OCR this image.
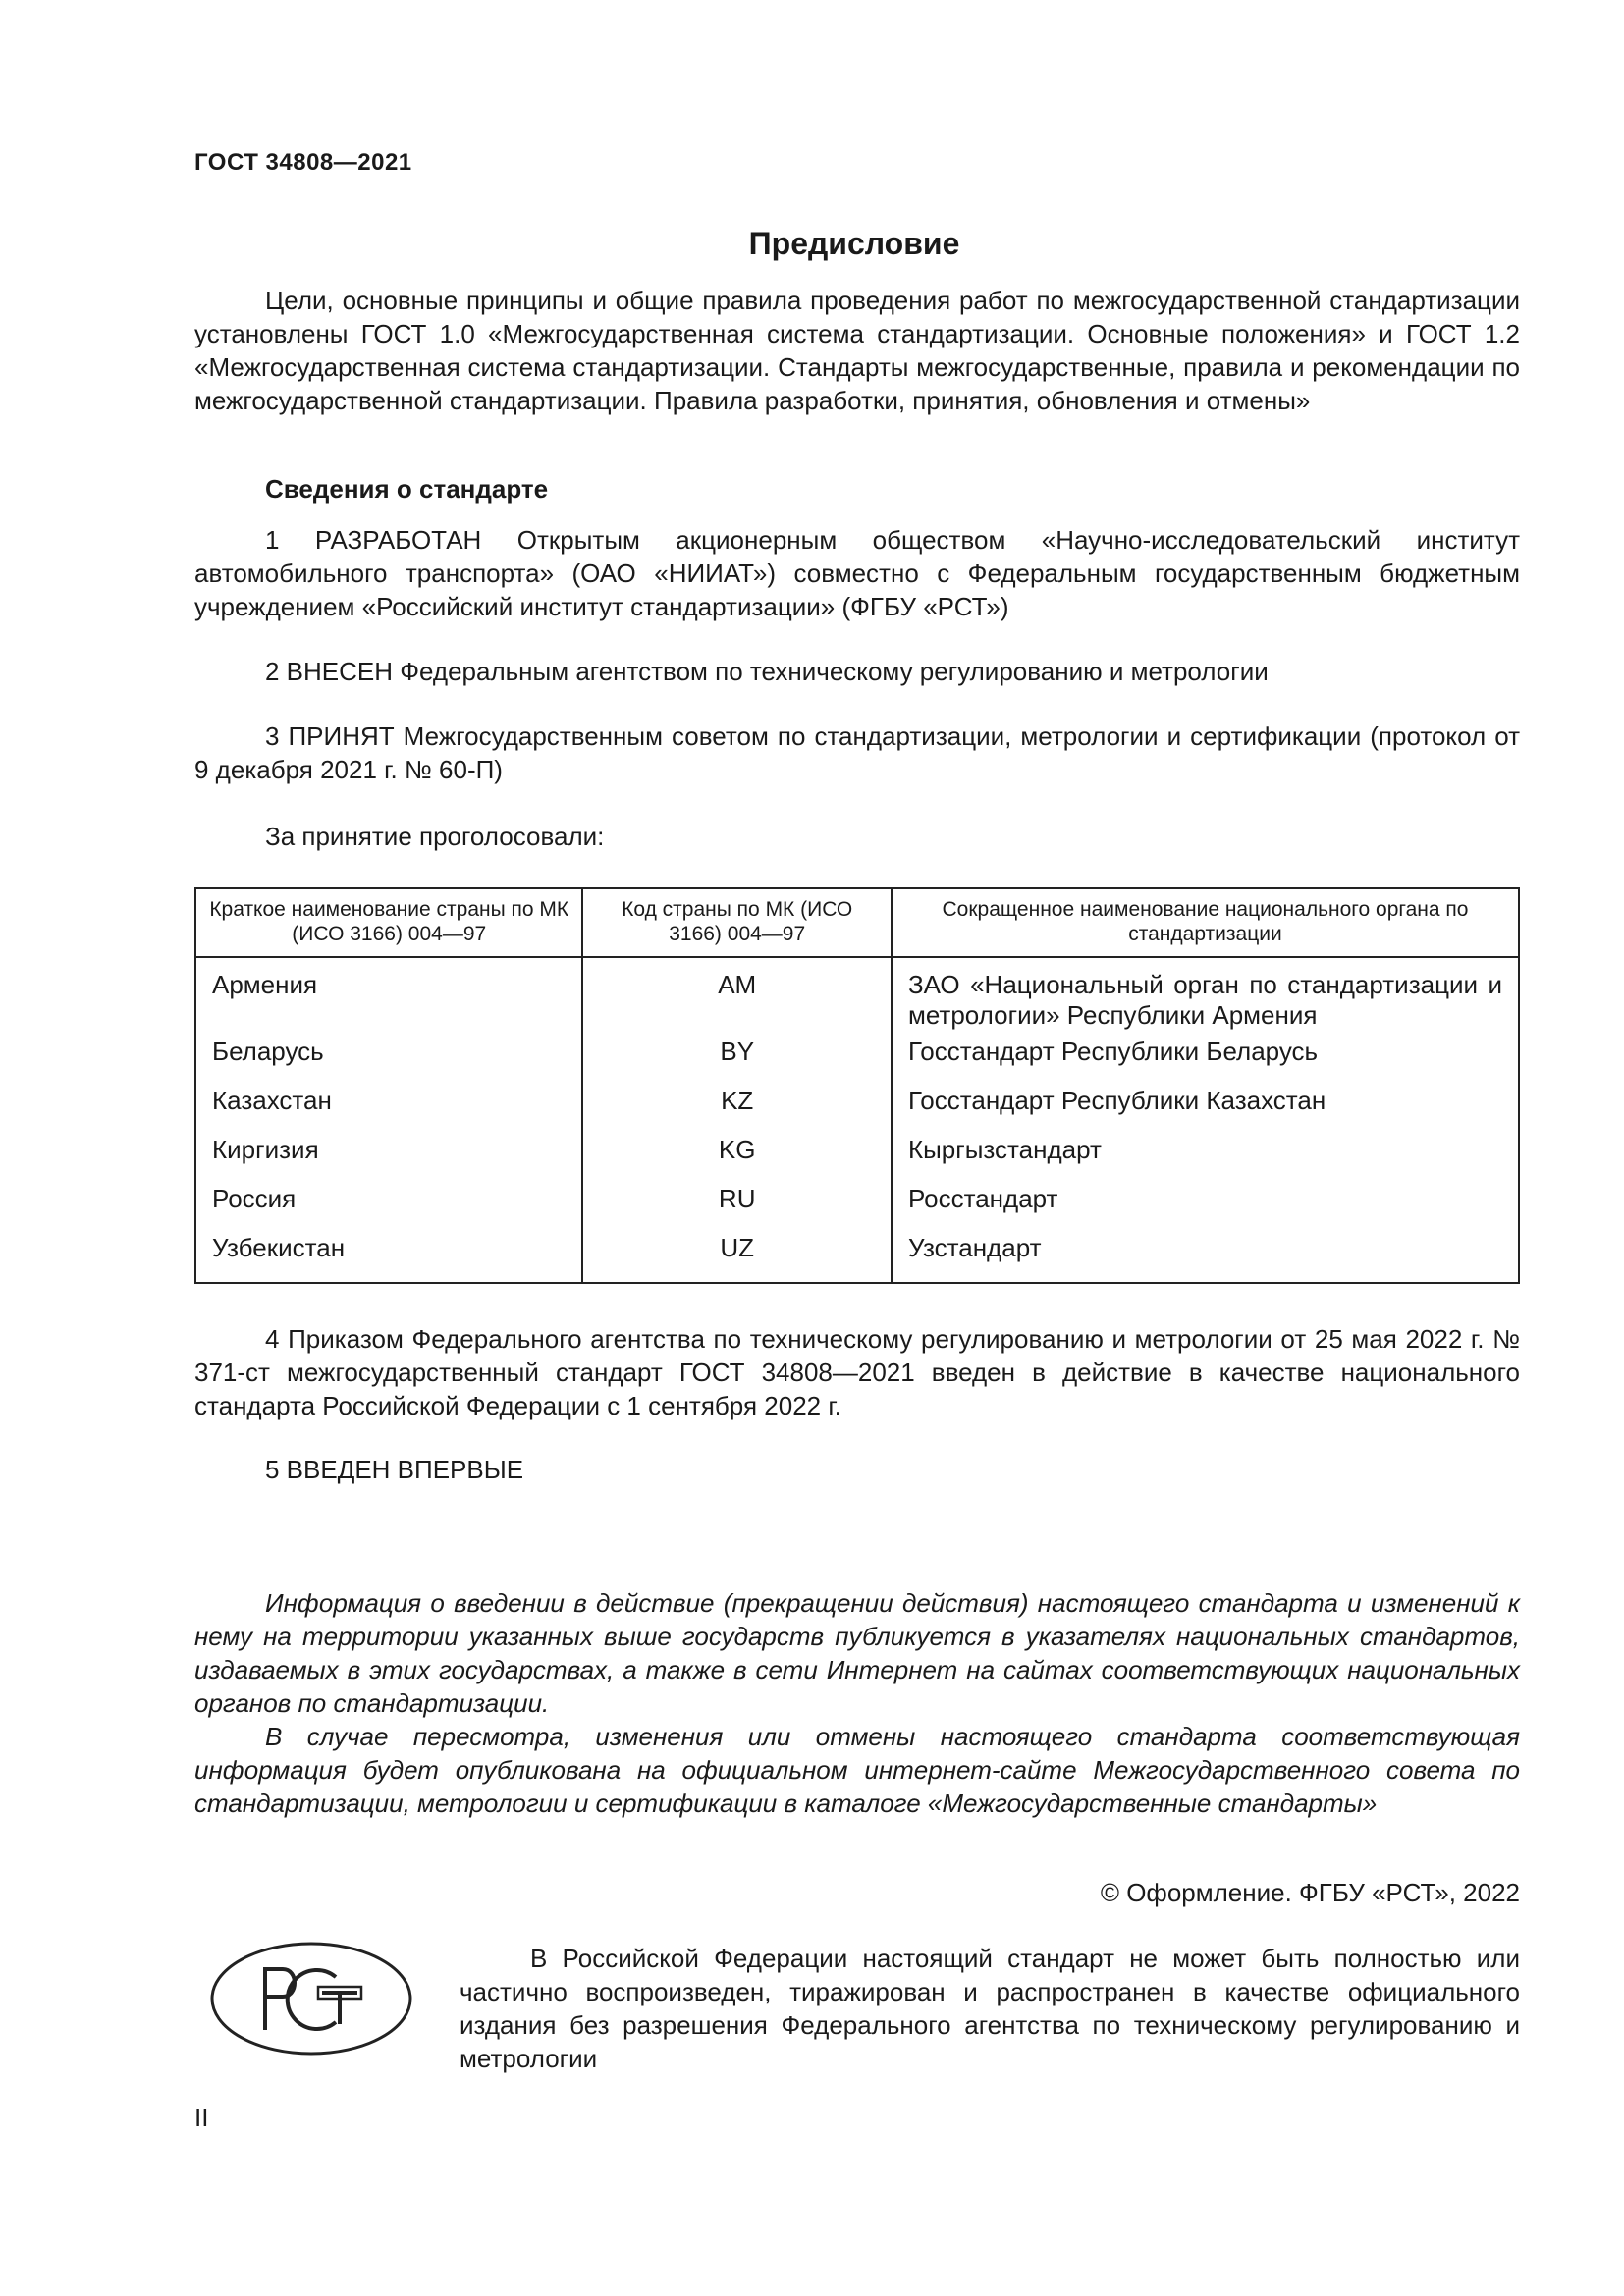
ГОСТ 34808—2021
Предисловие

Цели, основные принципы и общие правила проведения работ по межгосударственной стандартизации установлены ГОСТ 1.0 «Межгосударственная система стандартизации. Основные положения» и ГОСТ 1.2 «Межгосударственная система стандартизации. Стандарты межгосударственные, правила и рекомендации по межгосударственной стандартизации. Правила разработки, принятия, обновления и отмены»

Сведения о стандарте

1 РАЗРАБОТАН Открытым акционерным обществом «Научно-исследовательский институт автомобильного транспорта» (ОАО «НИИАТ») совместно с Федеральным государственным бюджетным учреждением «Российский институт стандартизации» (ФГБУ «РСТ»)

2 ВНЕСЕН Федеральным агентством по техническому регулированию и метрологии

3 ПРИНЯТ Межгосударственным советом по стандартизации, метрологии и сертификации (протокол от 9 декабря 2021 г. № 60-П)

За принятие проголосовали:

Краткое наименование страны по МК (ИСО 3166) 004—97	Код страны по МК (ИСО 3166) 004—97	Сокращенное наименование национального органа по стандартизации
Армения	AM	ЗАО «Национальный орган по стандартизации и метрологии» Республики Армения
Беларусь	BY	Госстандарт Республики Беларусь
Казахстан	KZ	Госстандарт Республики Казахстан
Киргизия	KG	Кыргызстандарт
Россия	RU	Росстандарт
Узбекистан	UZ	Узстандарт

4 Приказом Федерального агентства по техническому регулированию и метрологии от 25 мая 2022 г. № 371-ст межгосударственный стандарт ГОСТ 34808—2021 введен в действие в качестве национального стандарта Российской Федерации с 1 сентября 2022 г.

5 ВВЕДЕН ВПЕРВЫЕ

Информация о введении в действие (прекращении действия) настоящего стандарта и изменений к нему на территории указанных выше государств публикуется в указателях национальных стандартов, издаваемых в этих государствах, а также в сети Интернет на сайтах соответствующих национальных органов по стандартизации.

В случае пересмотра, изменения или отмены настоящего стандарта соответствующая информация будет опубликована на официальном интернет-сайте Межгосударственного совета по стандартизации, метрологии и сертификации в каталоге «Межгосударственные стандарты»

© Оформление. ФГБУ «РСТ», 2022

В Российской Федерации настоящий стандарт не может быть полностью или частично воспроизведен, тиражирован и распространен в качестве официального издания без разрешения Федерального агентства по техническому регулированию и метрологии

II
